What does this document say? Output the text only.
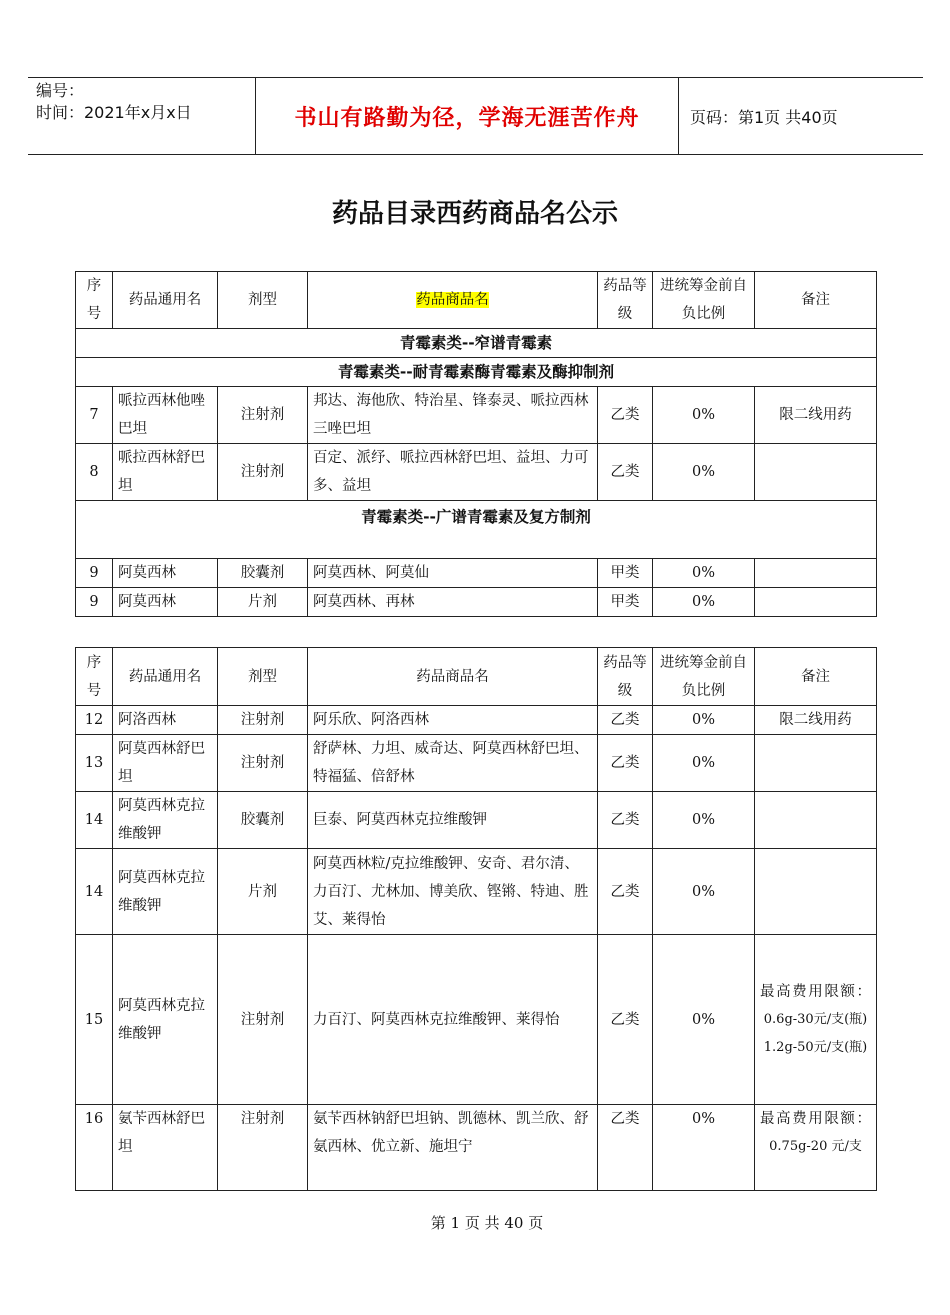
编号：
时间：2021年x月x日	书山有路勤为径，学海无涯苦作舟	页码：第1页 共40页
药品目录西药商品名公示
序号	药品通用名	剂型	药品商品名	药品等级	进统筹金前自负比例	备注
青霉素类--窄谱青霉素						
青霉素类--耐青霉素酶青霉素及酶抑制剂						
7	哌拉西林他唑巴坦	注射剂	邦达、海他欣、特治星、锋泰灵、哌拉西林三唑巴坦	乙类	0%	限二线用药
8	哌拉西林舒巴坦	注射剂	百定、派纾、哌拉西林舒巴坦、益坦、力可多、益坦	乙类	0%	
青霉素类--广谱青霉素及复方制剂						
9	阿莫西林	胶囊剂	阿莫西林、阿莫仙	甲类	0%	
9	阿莫西林	片剂	阿莫西林、再林	甲类	0%	
序号	药品通用名	剂型	药品商品名	药品等级	进统筹金前自负比例	备注
12	阿洛西林	注射剂	阿乐欣、阿洛西林	乙类	0%	限二线用药
13	阿莫西林舒巴坦	注射剂	舒萨林、力坦、威奇达、阿莫西林舒巴坦、特福猛、倍舒林	乙类	0%	
14	阿莫西林克拉维酸钾	胶囊剂	巨泰、阿莫西林克拉维酸钾	乙类	0%	
14	阿莫西林克拉维酸钾	片剂	阿莫西林粒/克拉维酸钾、安奇、君尔清、力百汀、尤林加、博美欣、铿锵、特迪、胜艾、莱得怡	乙类	0%	
15	阿莫西林克拉维酸钾	注射剂	力百汀、阿莫西林克拉维酸钾、莱得怡	乙类	0%	最高费用限额：
0.6g-30元/支(瓶)
1.2g-50元/支(瓶)

16	氨苄西林舒巴坦	注射剂	氨苄西林钠舒巴坦钠、凯德林、凯兰欣、舒氨西林、优立新、施坦宁	乙类	0%	最高费用限额：
0.75g-20 元/支
第 1 页 共 40 页
